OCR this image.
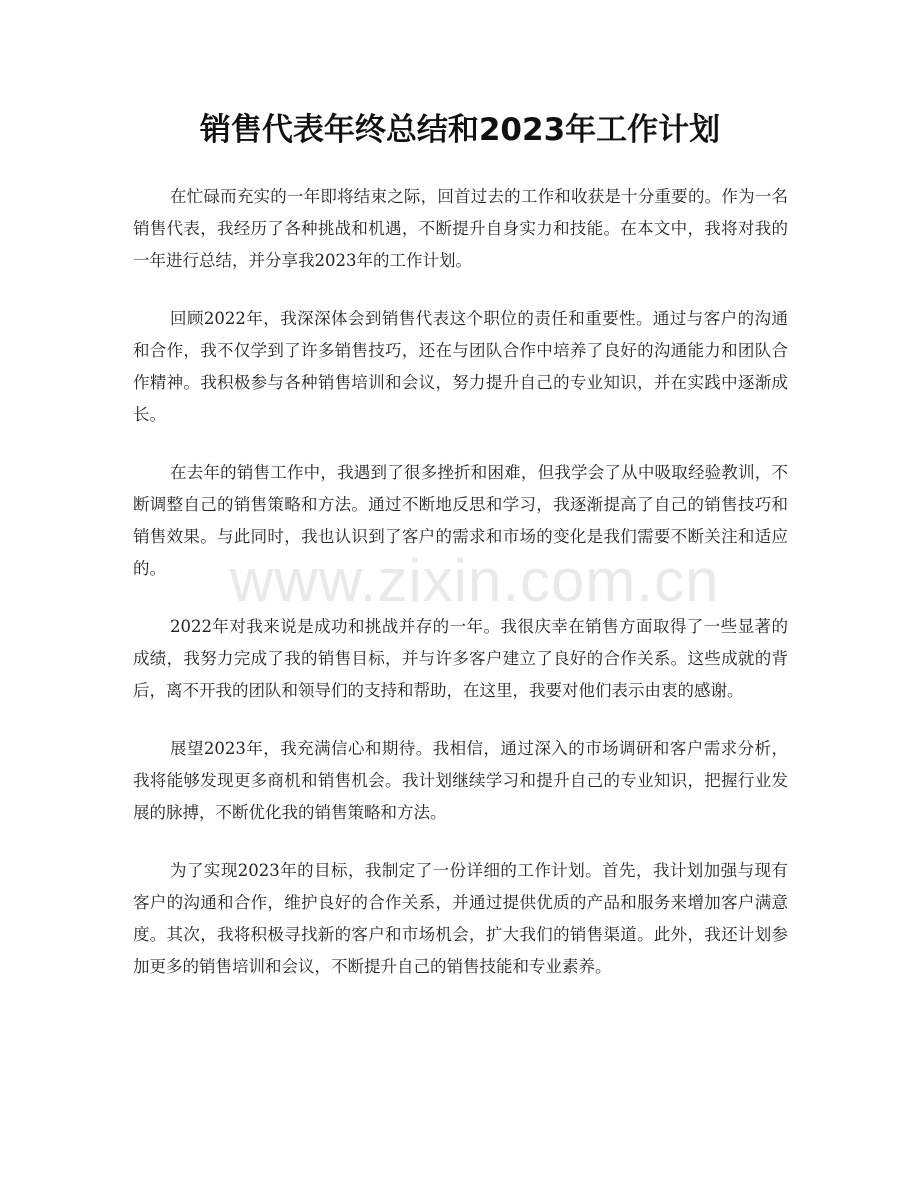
销售代表年终总结和2023年工作计划

在忙碌而充实的一年即将结束之际，回首过去的工作和收获是十分重要的。作为一名销售代表，我经历了各种挑战和机遇，不断提升自身实力和技能。在本文中，我将对我的一年进行总结，并分享我2023年的工作计划。

回顾2022年，我深深体会到销售代表这个职位的责任和重要性。通过与客户的沟通和合作，我不仅学到了许多销售技巧，还在与团队合作中培养了良好的沟通能力和团队合作精神。我积极参与各种销售培训和会议，努力提升自己的专业知识，并在实践中逐渐成长。

在去年的销售工作中，我遇到了很多挫折和困难，但我学会了从中吸取经验教训，不断调整自己的销售策略和方法。通过不断地反思和学习，我逐渐提高了自己的销售技巧和销售效果。与此同时，我也认识到了客户的需求和市场的变化是我们需要不断关注和适应的。

2022年对我来说是成功和挑战并存的一年。我很庆幸在销售方面取得了一些显著的成绩，我努力完成了我的销售目标，并与许多客户建立了良好的合作关系。这些成就的背后，离不开我的团队和领导们的支持和帮助，在这里，我要对他们表示由衷的感谢。

展望2023年，我充满信心和期待。我相信，通过深入的市场调研和客户需求分析，我将能够发现更多商机和销售机会。我计划继续学习和提升自己的专业知识，把握行业发展的脉搏，不断优化我的销售策略和方法。

为了实现2023年的目标，我制定了一份详细的工作计划。首先，我计划加强与现有客户的沟通和合作，维护良好的合作关系，并通过提供优质的产品和服务来增加客户满意度。其次，我将积极寻找新的客户和市场机会，扩大我们的销售渠道。此外，我还计划参加更多的销售培训和会议，不断提升自己的销售技能和专业素养。

www.zixin.com.cn
